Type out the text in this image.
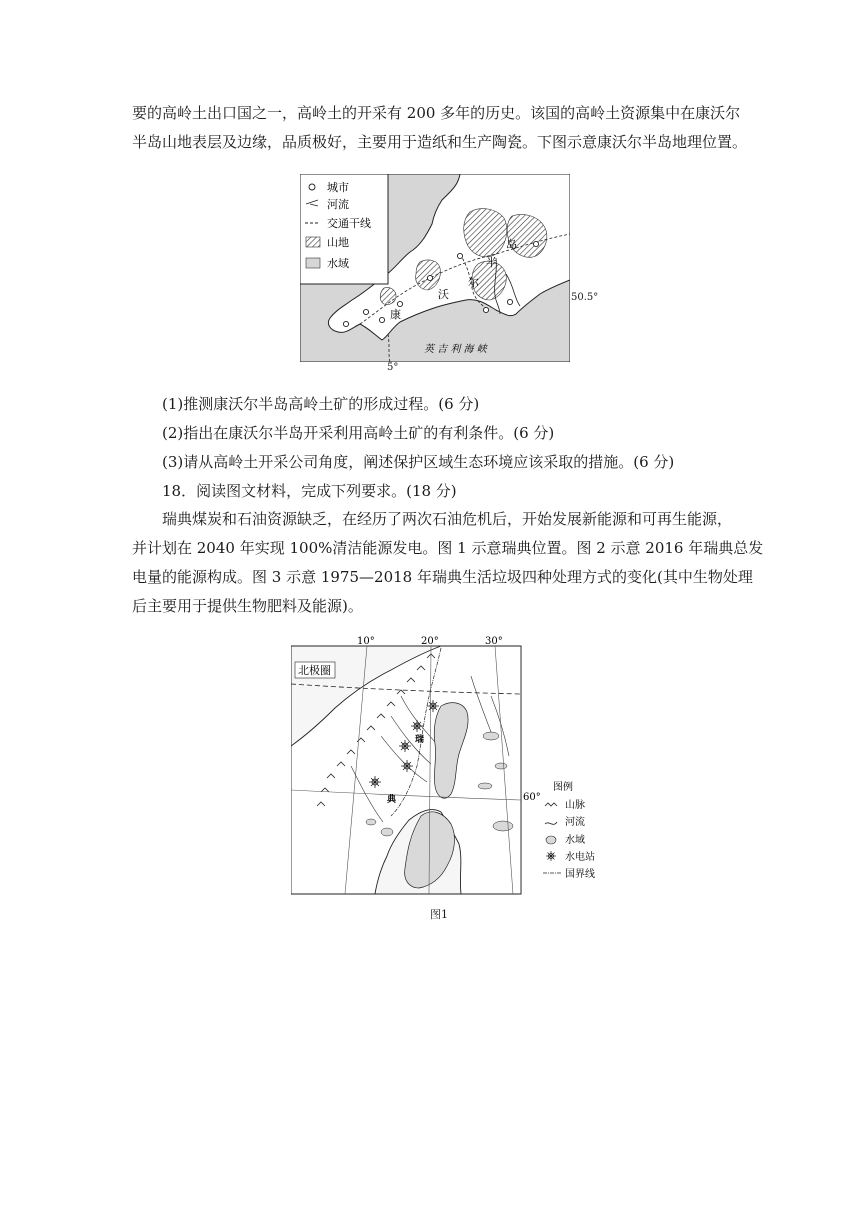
要的高岭土出口国之一，高岭土的开采有 200 多年的历史。该国的高岭土资源集中在康沃尔
半岛山地表层及边缘，品质极好，主要用于造纸和生产陶瓷。下图示意康沃尔半岛地理位置。
城市
河流
交通干线
山地
水域
康
沃
尔
半
岛
英 吉 利 海 峡
50.5°
5°
(1)推测康沃尔半岛高岭土矿的形成过程。(6 分)
(2)指出在康沃尔半岛开采利用高岭土矿的有利条件。(6 分)
(3)请从高岭土开采公司角度，阐述保护区域生态环境应该采取的措施。(6 分)
18．阅读图文材料，完成下列要求。(18 分)
瑞典煤炭和石油资源缺乏，在经历了两次石油危机后，开始发展新能源和可再生能源，
并计划在 2040 年实现 100%清洁能源发电。图 1 示意瑞典位置。图 2 示意 2016 年瑞典总发
电量的能源构成。图 3 示意 1975—2018 年瑞典生活垃圾四种处理方式的变化(其中生物处理
后主要用于提供生物肥料及能源)。
瑞
典
北极圈
10°	20°	30°
60°
图例
山脉
河流
水域
水电站
国界线
图1
